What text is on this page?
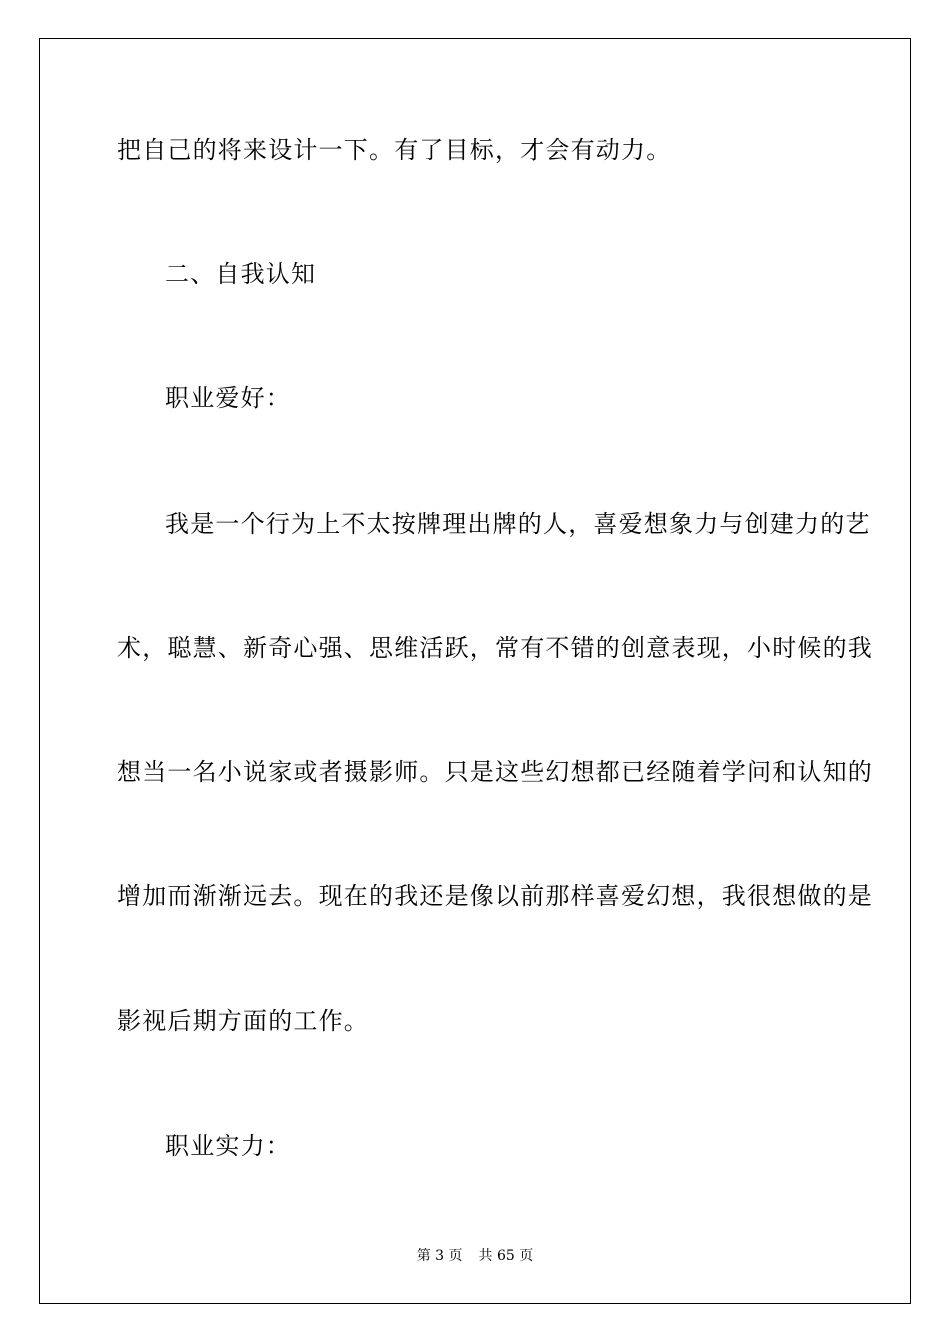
把自己的将来设计一下。有了目标，才会有动力。
二、自我认知
职业爱好：
我是一个行为上不太按牌理出牌的人，喜爱想象力与创建力的艺
术，聪慧、新奇心强、思维活跃，常有不错的创意表现，小时候的我
想当一名小说家或者摄影师。只是这些幻想都已经随着学问和认知的
增加而渐渐远去。现在的我还是像以前那样喜爱幻想，我很想做的是
影视后期方面的工作。
职业实力：
第 3 页 共 65 页
